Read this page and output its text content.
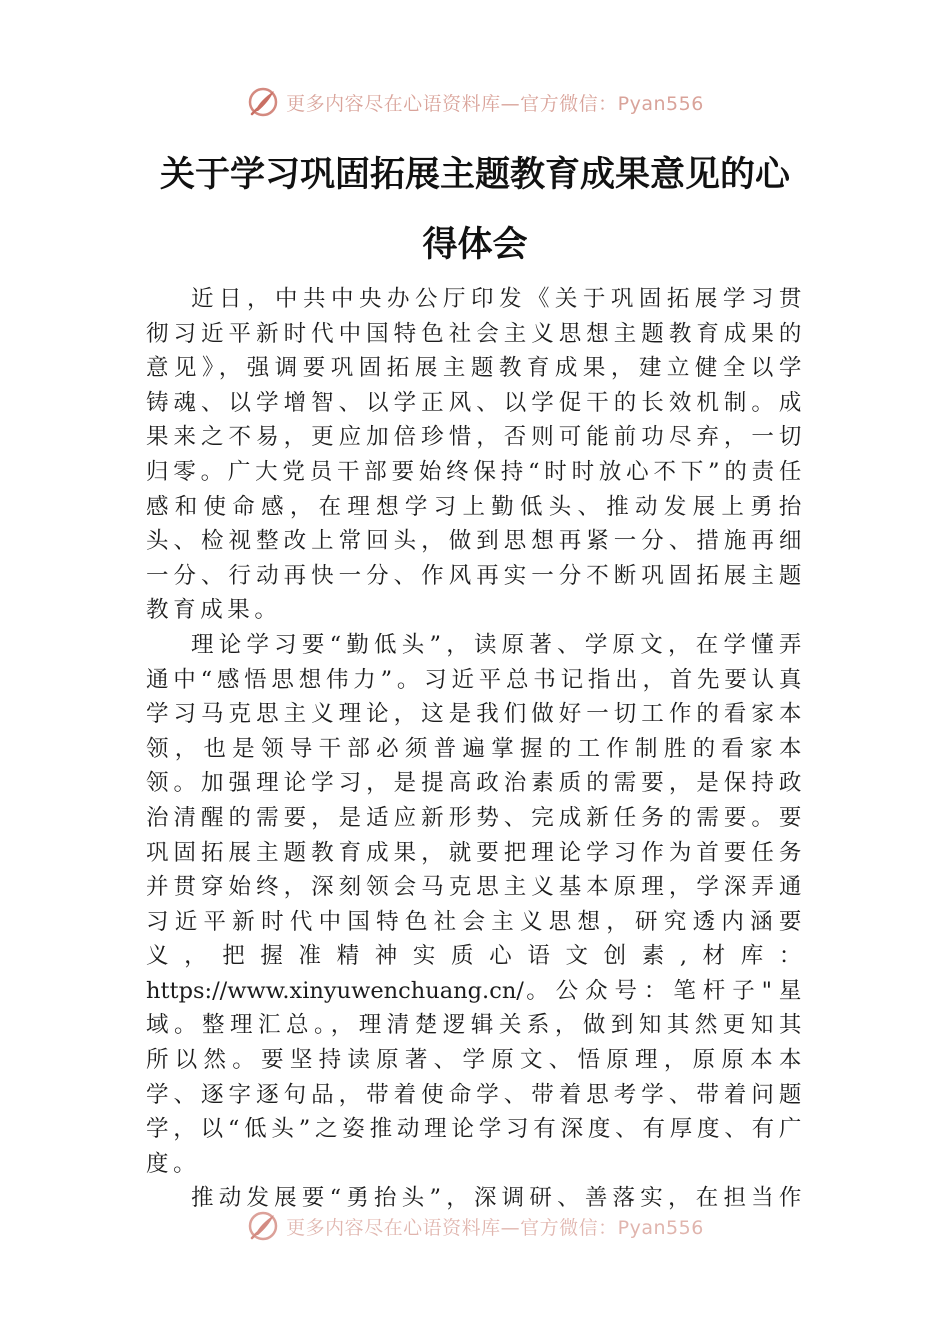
更多内容尽在心语资料库—官方微信：Pyan556
关于学习巩固拓展主题教育成果意见的心
得体会

近日，中共中央办公厅印发《关于巩固拓展学习贯彻习近平新时代中国特色社会主义思想主题教育成果的意见》，强调要巩固拓展主题教育成果，建立健全以学铸魂、以学增智、以学正风、以学促干的长效机制。成果来之不易，更应加倍珍惜，否则可能前功尽弃，一切归零。广大党员干部要始终保持“时时放心不下”的责任感和使命感，在理想学习上勤低头、推动发展上勇抬头、检视整改上常回头，做到思想再紧一分、措施再细一分、行动再快一分、作风再实一分不断巩固拓展主题教育成果。

理论学习要“勤低头”，读原著、学原文，在学懂弄通中“感悟思想伟力”。习近平总书记指出，首先要认真学习马克思主义理论，这是我们做好一切工作的看家本领，也是领导干部必须普遍掌握的工作制胜的看家本领。加强理论学习，是提高政治素质的需要，是保持政治清醒的需要，是适应新形势、完成新任务的需要。要巩固拓展主题教育成果，就要把理论学习作为首要任务并贯穿始终，深刻领会马克思主义基本原理，学深弄通习近平新时代中国特色社会主义思想，研究透内涵要义，把握准精神实质心语文创素,材库：https://www.xinyuwenchuang.cn/。公众号：笔杆子"星域。整理汇总。，理清楚逻辑关系，做到知其然更知其所以然。要坚持读原著、学原文、悟原理，原原本本学、逐字逐句品，带着使命学、带着思考学、带着问题学，以“低头”之姿推动理论学习有深度、有厚度、有广度。

推动发展要“勇抬头”，深调研、善落实，在担当作

更多内容尽在心语资料库—官方微信：Pyan556
